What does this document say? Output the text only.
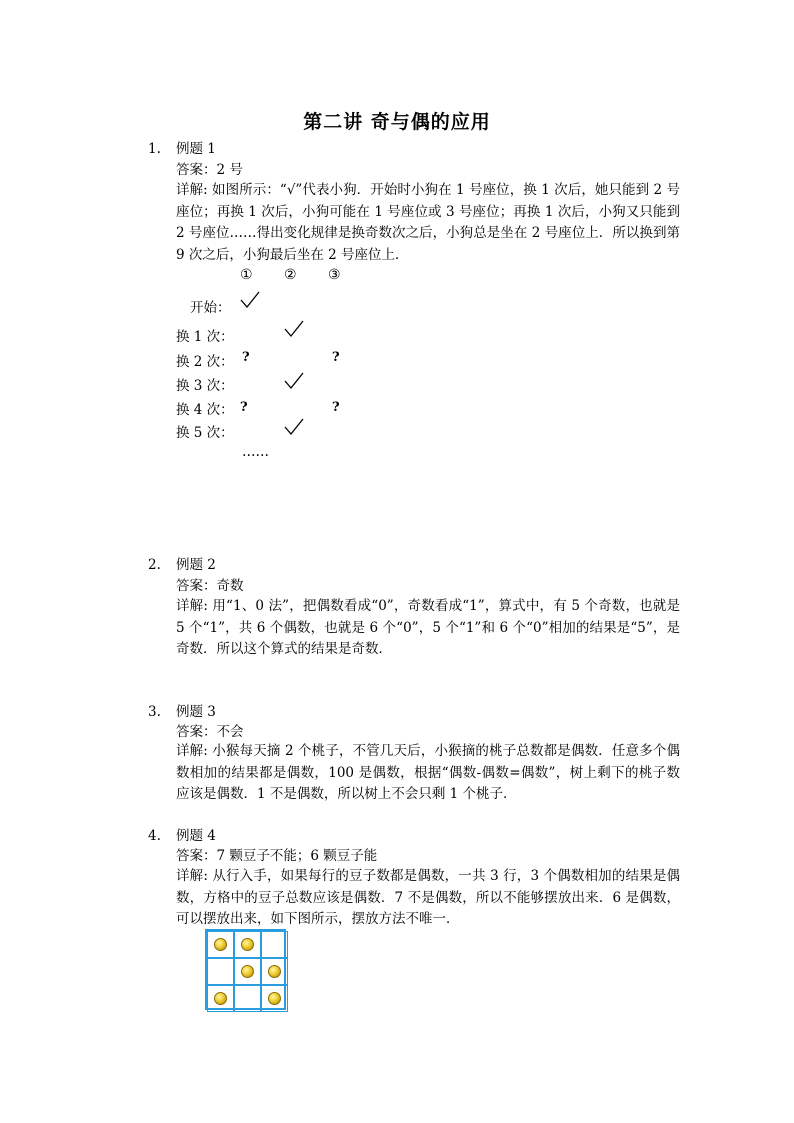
第二讲 奇与偶的应用
1. 例题 1
答案：2 号
详解: 如图所示：“√”代表小狗．开始时小狗在 1 号座位，换 1 次后，她只能到 2 号座位；再换 1 次后，小狗可能在 1 号座位或 3 号座位；再换 1 次后，小狗又只能到 2 号座位……得出变化规律是换奇数次之后，小狗总是坐在 2 号座位上．所以换到第 9 次之后，小狗最后坐在 2 号座位上．
① ② ③
开始：
换 1 次：
换 2 次：
换 3 次：
换 4 次：
换 5 次：
?	?
?	?
……
2. 例题 2
答案：奇数
详解: 用“1、0 法”，把偶数看成“0”，奇数看成“1”，算式中，有 5 个奇数，也就是 5 个“1”，共 6 个偶数，也就是 6 个“0”，5 个“1”和 6 个“0”相加的结果是“5”，是奇数．所以这个算式的结果是奇数．
3. 例题 3
答案：不会
详解: 小猴每天摘 2 个桃子，不管几天后，小猴摘的桃子总数都是偶数．任意多个偶数相加的结果都是偶数，100 是偶数，根据“偶数-偶数=偶数”，树上剩下的桃子数应该是偶数．1 不是偶数，所以树上不会只剩 1 个桃子．
4. 例题 4
答案：7 颗豆子不能；6 颗豆子能
详解: 从行入手，如果每行的豆子数都是偶数，一共 3 行，3 个偶数相加的结果是偶数，方格中的豆子总数应该是偶数．7 不是偶数，所以不能够摆放出来．6 是偶数，可以摆放出来，如下图所示，摆放方法不唯一．
